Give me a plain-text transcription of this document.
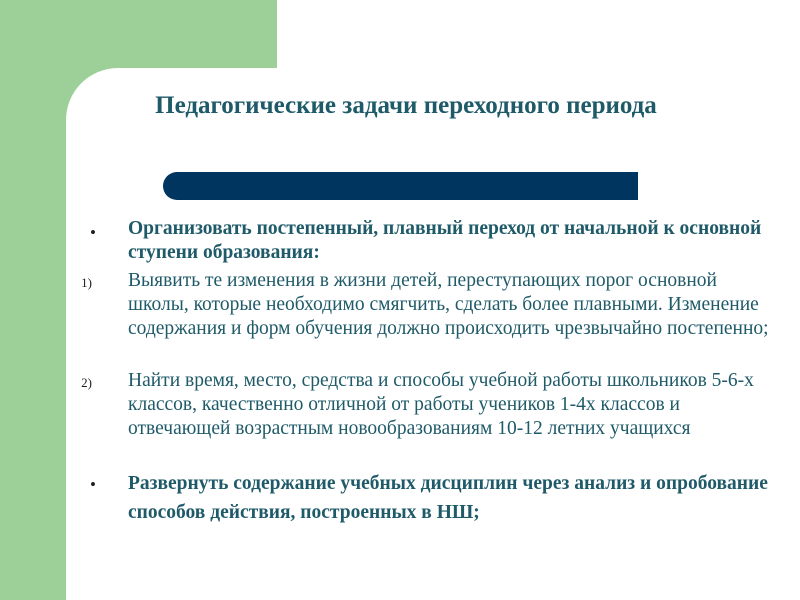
Педагогические задачи переходного периода
• Организовать постепенный, плавный переход от начальной к основной ступени образования:
1) Выявить те изменения в жизни детей, переступающих порог основной школы, которые необходимо смягчить, сделать более плавными. Изменение содержания и форм обучения должно происходить чрезвычайно постепенно;
2) Найти время, место, средства и способы учебной работы школьников 5-6-х классов, качественно отличной от работы учеников 1-4х классов и отвечающей возрастным новообразованиям 10-12 летних учащихся
• Развернуть содержание учебных дисциплин через анализ и опробование способов действия, построенных в НШ;
